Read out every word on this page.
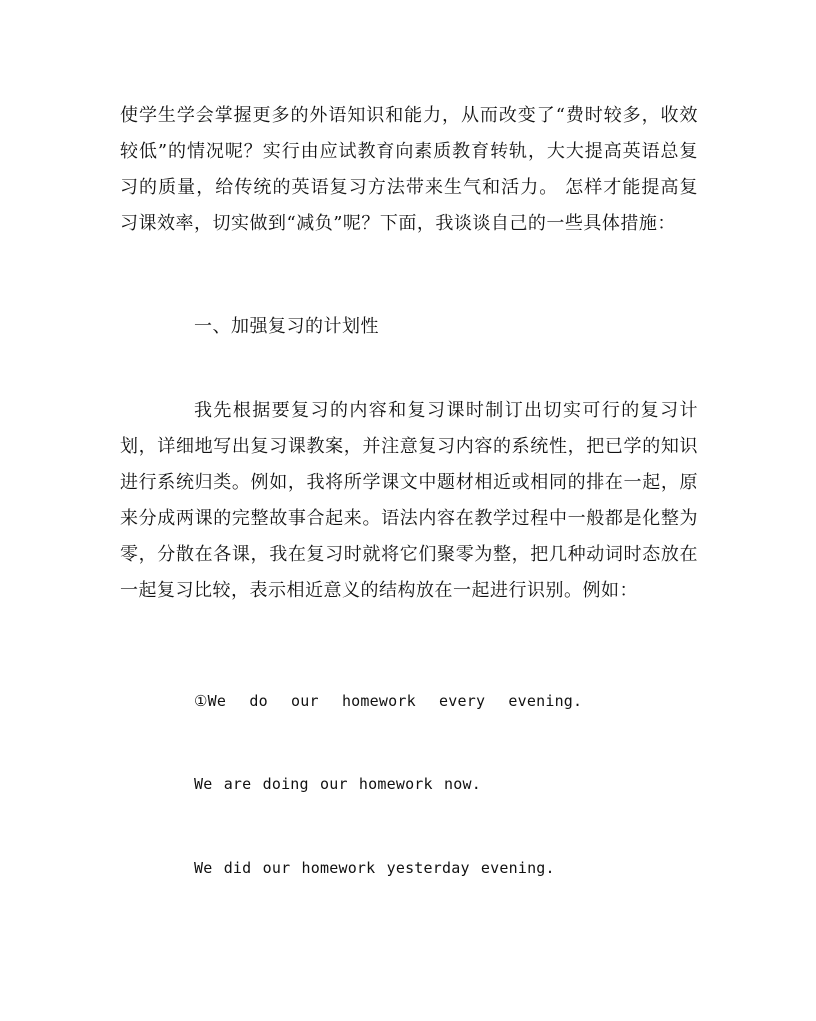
使学生学会掌握更多的外语知识和能力，从而改变了“费时较多，收效较低”的情况呢？实行由应试教育向素质教育转轨，大大提高英语总复习的质量，给传统的英语复习方法带来生气和活力。 怎样才能提高复习课效率，切实做到“减负”呢？下面，我谈谈自己的一些具体措施：

一、加强复习的计划性

我先根据要复习的内容和复习课时制订出切实可行的复习计划，详细地写出复习课教案，并注意复习内容的系统性，把已学的知识进行系统归类。例如，我将所学课文中题材相近或相同的排在一起，原来分成两课的完整故事合起来。语法内容在教学过程中一般都是化整为零，分散在各课，我在复习时就将它们聚零为整，把几种动词时态放在一起复习比较，表示相近意义的结构放在一起进行识别。例如：

①We do our homework every evening.

We are doing our homework now.

We did our homework yesterday evening.
